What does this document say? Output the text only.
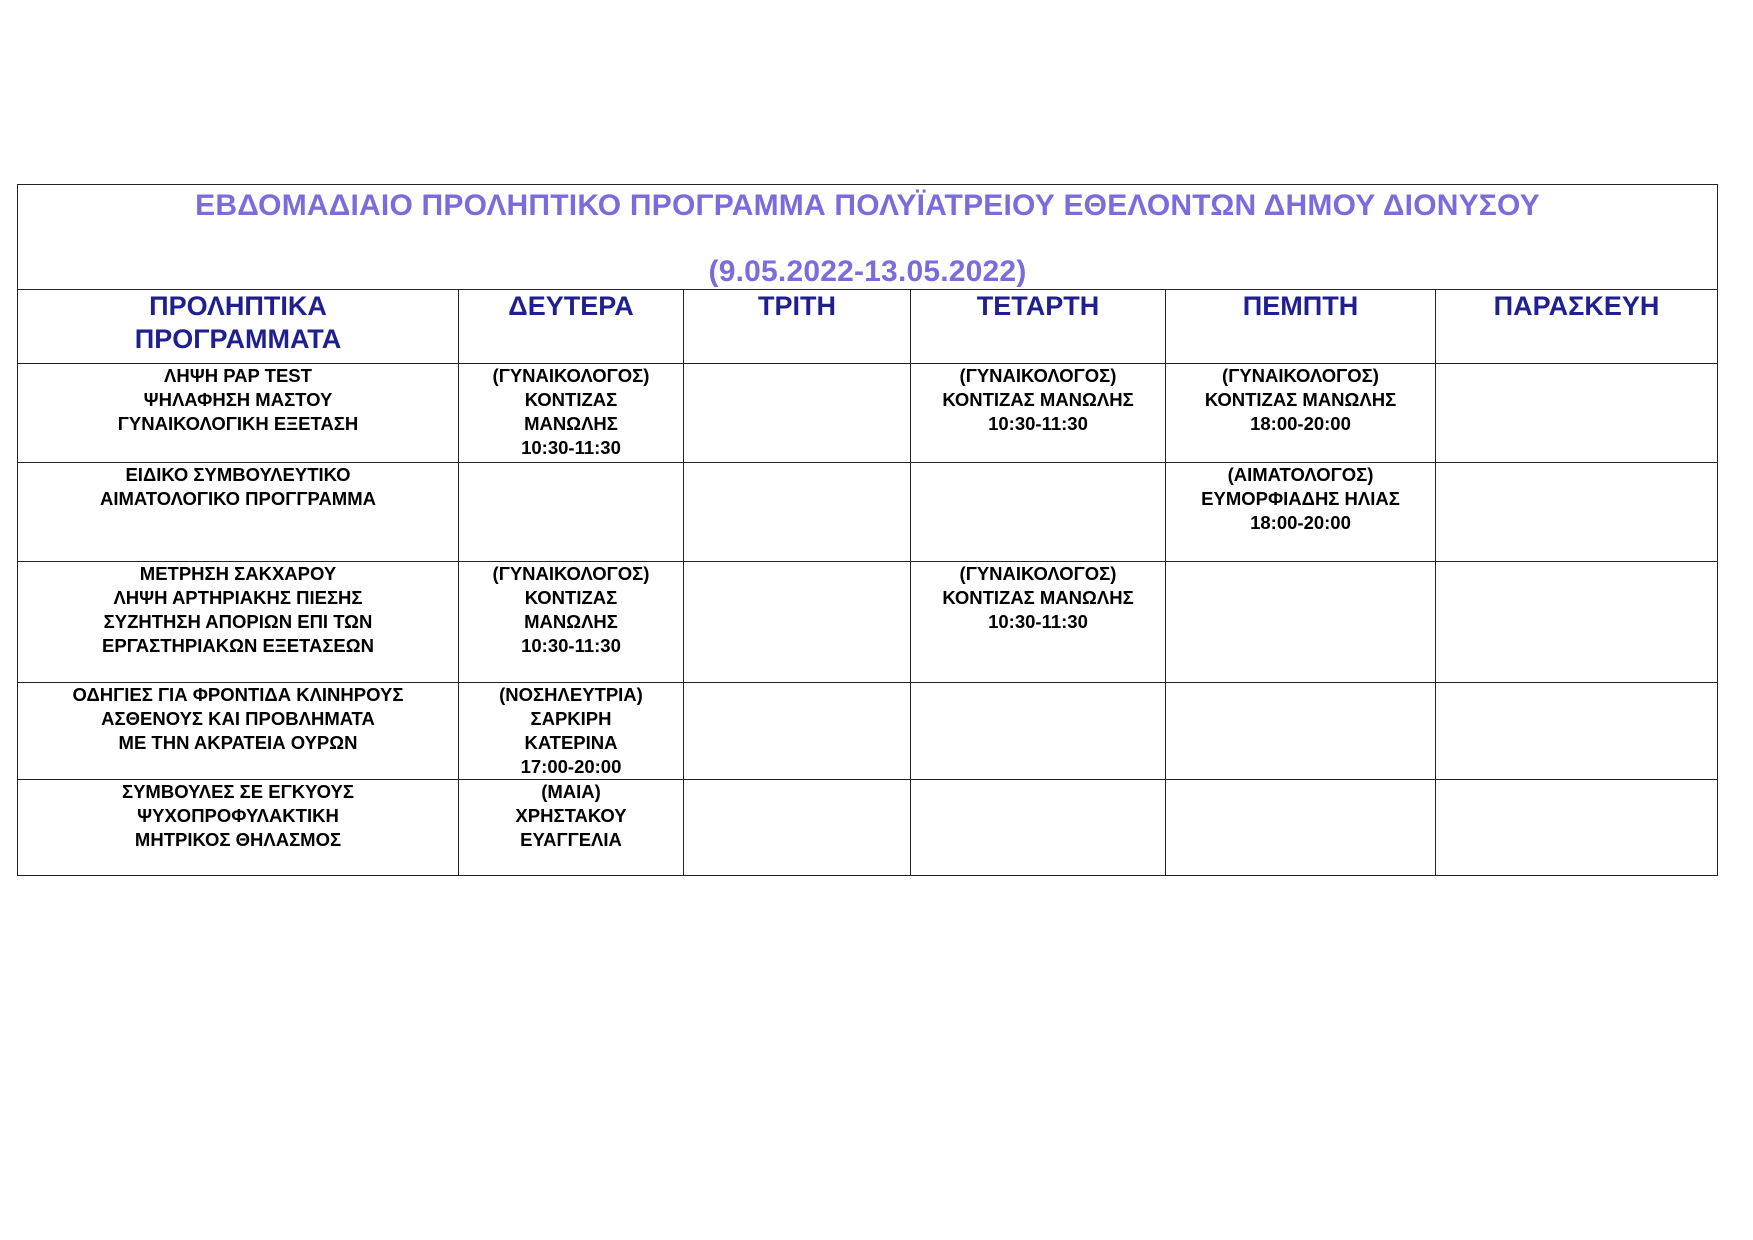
ΕΒΔΟΜΑΔΙΑΙΟ ΠΡΟΛΗΠΤΙΚΟ ΠΡΟΓΡΑΜΜΑ ΠΟΛΥΪΑΤΡΕΙΟΥ ΕΘΕΛΟΝΤΩΝ ΔΗΜΟΥ ΔΙΟΝΥΣΟΥ
(9.05.2022-13.05.2022)					

ΠΡΟΛΗΠΤΙΚΑ
ΠΡΟΓΡΑΜΜΑΤΑ	ΔΕΥΤΕΡΑ	ΤΡΙΤΗ	ΤΕΤΑΡΤΗ	ΠΕΜΠΤΗ	ΠΑΡΑΣΚΕΥΗ

ΛΗΨΗ PAP TEST
ΨΗΛΑΦΗΣΗ ΜΑΣΤΟΥ
ΓΥΝΑΙΚΟΛΟΓΙΚΗ ΕΞΕΤΑΣΗ	(ΓΥΝΑΙΚΟΛΟΓΟΣ)
ΚΟΝΤΙΖΑΣ
ΜΑΝΩΛΗΣ
10:30-11:30		(ΓΥΝΑΙΚΟΛΟΓΟΣ)
ΚΟΝΤΙΖΑΣ ΜΑΝΩΛΗΣ
10:30-11:30	(ΓΥΝΑΙΚΟΛΟΓΟΣ)
ΚΟΝΤΙΖΑΣ ΜΑΝΩΛΗΣ
18:00-20:00	

ΕΙΔΙΚΟ ΣΥΜΒΟΥΛΕΥΤΙΚΟ
ΑΙΜΑΤΟΛΟΓΙΚΟ ΠΡΟΓΓΡΑΜΜΑ				(ΑΙΜΑΤΟΛΟΓΟΣ)
ΕΥΜΟΡΦΙΑΔΗΣ ΗΛΙΑΣ
18:00-20:00	

ΜΕΤΡΗΣΗ ΣΑΚΧΑΡΟΥ
ΛΗΨΗ ΑΡΤΗΡΙΑΚΗΣ ΠΙΕΣΗΣ
ΣΥΖΗΤΗΣΗ ΑΠΟΡΙΩΝ ΕΠΙ ΤΩΝ
ΕΡΓΑΣΤΗΡΙΑΚΩΝ ΕΞΕΤΑΣΕΩΝ	(ΓΥΝΑΙΚΟΛΟΓΟΣ)
ΚΟΝΤΙΖΑΣ
ΜΑΝΩΛΗΣ
10:30-11:30		(ΓΥΝΑΙΚΟΛΟΓΟΣ)
ΚΟΝΤΙΖΑΣ ΜΑΝΩΛΗΣ
10:30-11:30		

ΟΔΗΓΙΕΣ ΓΙΑ ΦΡΟΝΤΙΔΑ ΚΛΙΝΗΡΟΥΣ
ΑΣΘΕΝΟΥΣ ΚΑΙ ΠΡΟΒΛΗΜΑΤΑ
ΜΕ ΤΗΝ ΑΚΡΑΤΕΙΑ ΟΥΡΩΝ	(ΝΟΣΗΛΕΥΤΡΙΑ)
ΣΑΡΚΙΡΗ
ΚΑΤΕΡΙΝΑ
17:00-20:00				

ΣΥΜΒΟΥΛΕΣ ΣΕ ΕΓΚΥΟΥΣ
ΨΥΧΟΠΡΟΦΥΛΑΚΤΙΚΗ
ΜΗΤΡΙΚΟΣ ΘΗΛΑΣΜΟΣ	(ΜΑΙΑ)
ΧΡΗΣΤΑΚΟΥ
ΕΥΑΓΓΕΛΙΑ				
